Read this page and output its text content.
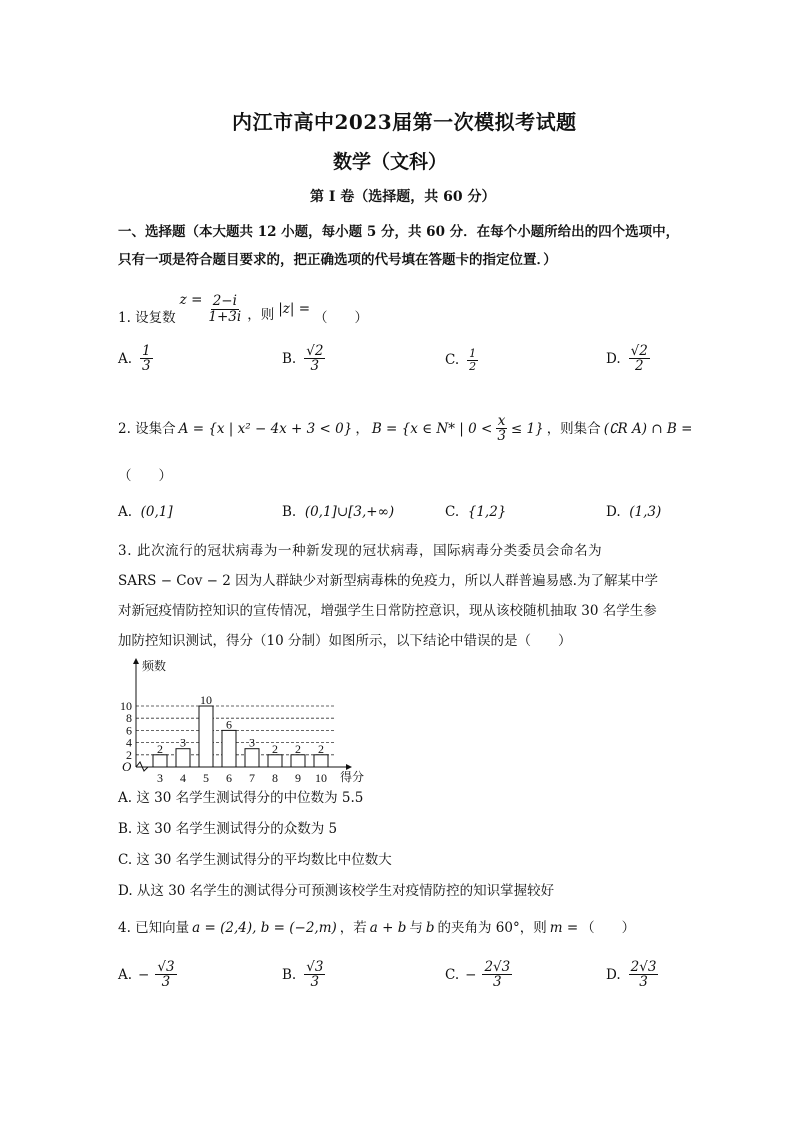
内江市高中2023届第一次模拟考试题
数学（文科）
第 I 卷（选择题，共 60 分）
一、选择题（本大题共 12 小题，每小题 5 分，共 60 分．在每个小题所给出的四个选项中，
只有一项是符合题目要求的，把正确选项的代号填在答题卡的指定位置．）
1. 设复数
$z = \frac{2-i}{1+3i}$ ，则 |z| =
（　　）
A. $\frac{1}{3}$	B. $\frac{√2}{3}$	C. $\frac{1}{2}$	D. $\frac{√2}{2}$
2. 设集合 A = {x | x² − 4x + 3 < 0} ， B = {x ∈ N* | $0 < \frac{x}{3} \le 1$} ，则集合 (∁R A) ∩ B =
（　　）
A. (0,1]	B. (0,1]∪[3,+∞)	C. {1,2}	D. (1,3)
3. 此次流行的冠状病毒为一种新发现的冠状病毒，国际病毒分类委员会命名为
SARS − Cov − 2 因为人群缺少对新型病毒株的免疫力，所以人群普遍易感.为了解某中学
对新冠疫情防控知识的宣传情况，增强学生日常防控意识，现从该校随机抽取 30 名学生参
加防控知识测试，得分（10 分制）如图所示，以下结论中错误的是（　　）
2
4
6
8
10
O
频数
得分
2
3
3
4
10
5
6
6
3
7
2
8
2
9
2
10
A. 这 30 名学生测试得分的中位数为 5.5
B. 这 30 名学生测试得分的众数为 5
C. 这 30 名学生测试得分的平均数比中位数大
D. 从这 30 名学生的测试得分可预测该校学生对疫情防控的知识掌握较好
4. 已知向量 a = (2,4), b = (−2,m) ，若 a + b 与 b 的夹角为 60°，则 m = （　　）
A. − $\frac{√3}{3}$	B. $\frac{√3}{3}$	C. − $\frac{2√3}{3}$	D. $\frac{2√3}{3}$
